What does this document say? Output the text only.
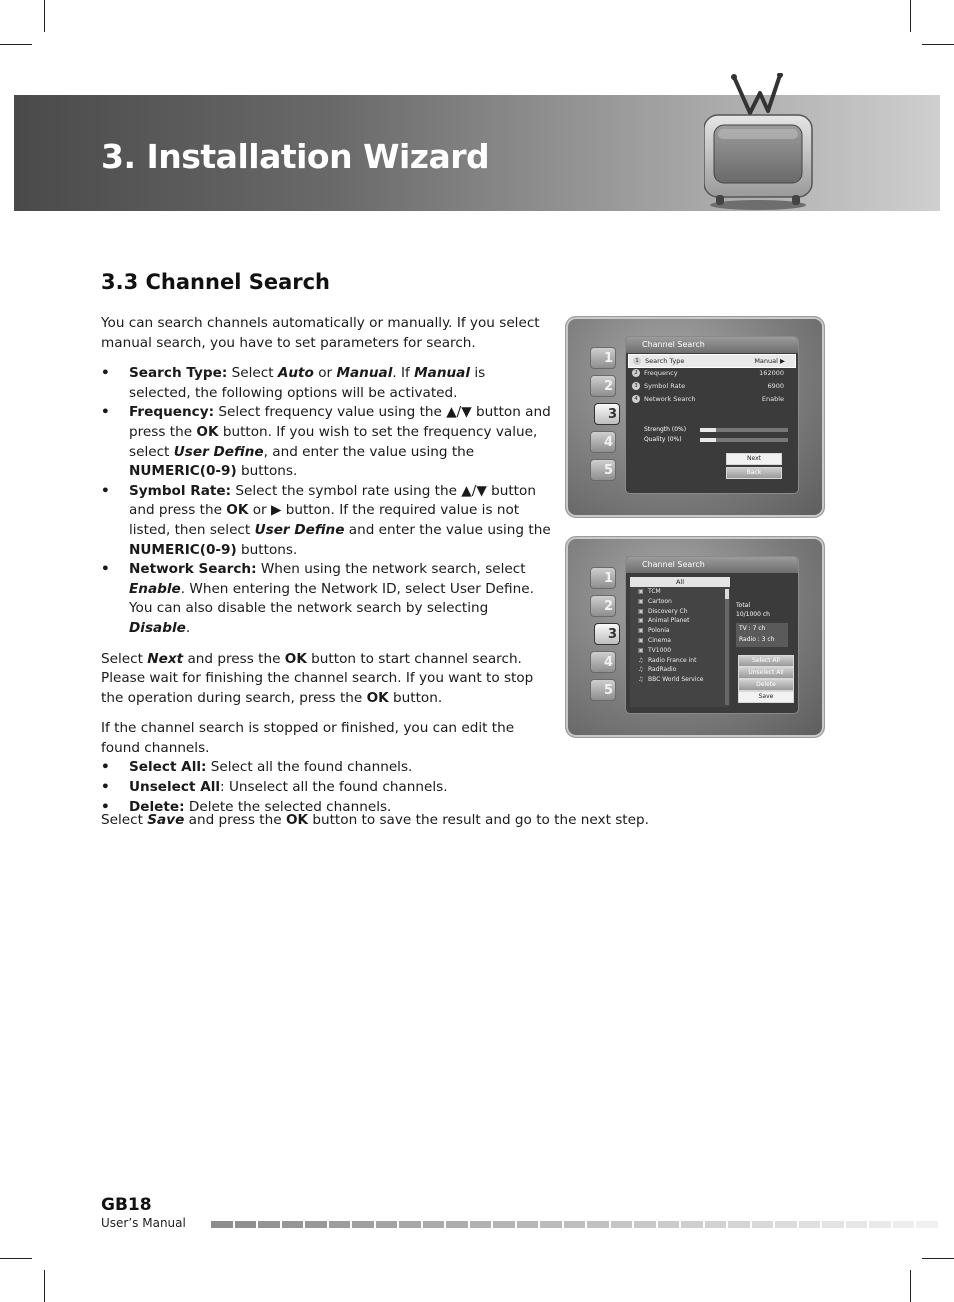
3. Installation Wizard
3.3 Channel Search

You can search channels automatically or manually. If you select manual search, you have to set parameters for search.

• Search Type: Select Auto or Manual. If Manual is selected, the following options will be activated.
• Frequency: Select frequency value using the ▲/▼ button and press the OK button. If you wish to set the frequency value, select User Define, and enter the value using the NUMERIC(0-9) buttons.
• Symbol Rate: Select the symbol rate using the ▲/▼ button and press the OK or ▶ button. If the required value is not listed, then select User Define and enter the value using the NUMERIC(0-9) buttons.
• Network Search: When using the network search, select Enable. When entering the Network ID, select User Define. You can also disable the network search by selecting Disable.

Select Next and press the OK button to start channel search. Please wait for finishing the channel search. If you want to stop the operation during search, press the OK button.

If the channel search is stopped or finished, you can edit the found channels.

• Select All: Select all the found channels.
• Unselect All: Unselect all the found channels.
• Delete: Delete the selected channels.

Select Save and press the OK button to save the result and go to the next step.

1
2
3
4
5
Channel Search
1 Search Type	Manual ▶
2 Frequency	162000
3 Symbol Rate	6900
4 Network Search	Enable
Strength (0%)
Quality (0%)
Next
Back
1
2
3
4
5
Channel Search
All
▣ TCM
▣ Cartoon
▣ Discovery Ch
▣ Animal Planet
▣ Polonia
▣ Cinema
▣ TV1000
♫ Radio France int
♫ RadRadio
♫ BBC World Service
Total
10/1000 ch
TV : 7 ch
Radio : 3 ch
Select All
Unselect All
Delete
Save

GB18

User’s Manual
